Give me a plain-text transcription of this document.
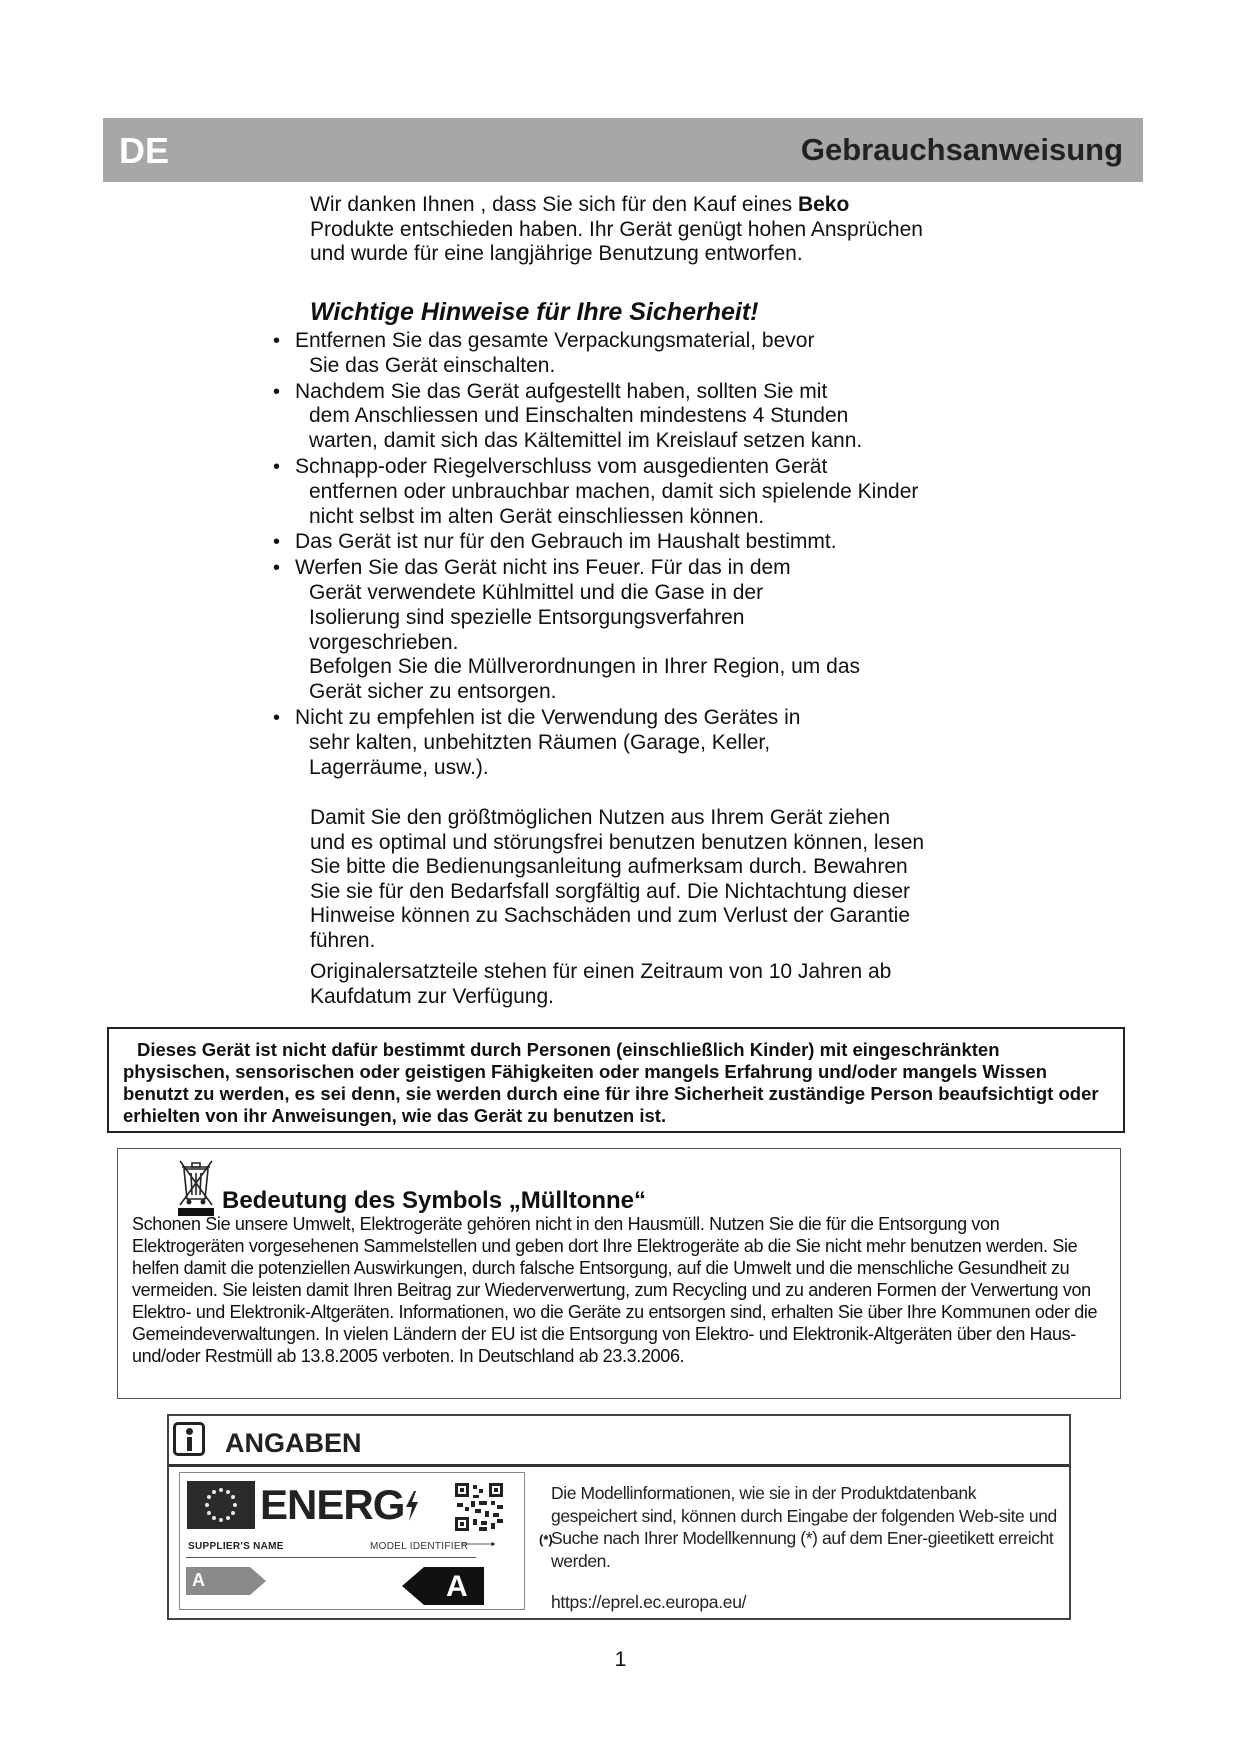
DE	Gebrauchsanweisung

Wir danken Ihnen , dass Sie sich für den Kauf eines Beko Produkte entschieden haben. Ihr Gerät genügt hohen Ansprüchen und wurde für eine langjährige Benutzung entworfen.

Wichtige Hinweise für Ihre Sicherheit!
• Entfernen Sie das gesamte Verpackungsmaterial, bevor
Sie das Gerät einschalten.
• Nachdem Sie das Gerät aufgestellt haben, sollten Sie mit
dem Anschliessen und Einschalten mindestens 4 Stunden warten, damit sich das Kältemittel im Kreislauf setzen kann.
• Schnapp-oder Riegelverschluss vom ausgedienten Gerät
entfernen oder unbrauchbar machen, damit sich spielende Kinder nicht selbst im alten Gerät einschliessen können.
• Das Gerät ist nur für den Gebrauch im Haushalt bestimmt.
• Werfen Sie das Gerät nicht ins Feuer. Für das in dem
Gerät verwendete Kühlmittel und die Gase in der Isolierung sind spezielle Entsorgungsverfahren vorgeschrieben.
Befolgen Sie die Müllverordnungen in Ihrer Region, um das Gerät sicher zu entsorgen.
• Nicht zu empfehlen ist die Verwendung des Gerätes in
sehr kalten, unbehitzten Räumen (Garage, Keller, Lagerräume, usw.).

Damit Sie den größtmöglichen Nutzen aus Ihrem Gerät ziehen und es optimal und störungsfrei benutzen benutzen können, lesen Sie bitte die Bedienungsanleitung aufmerksam durch. Bewahren Sie sie für den Bedarfsfall sorgfältig auf. Die Nichtachtung dieser Hinweise können zu Sachschäden und zum Verlust der Garantie führen.

Originalersatzteile stehen für einen Zeitraum von 10 Jahren ab Kaufdatum zur Verfügung.

Dieses Gerät ist nicht dafür bestimmt durch Personen (einschließlich Kinder) mit eingeschränkten physischen, sensorischen oder geistigen Fähigkeiten oder mangels Erfahrung und/oder mangels Wissen benutzt zu werden, es sei denn, sie werden durch eine für ihre Sicherheit zuständige Person beaufsichtigt oder erhielten von ihr Anweisungen, wie das Gerät zu benutzen ist.

Bedeutung des Symbols „Mülltonne“

Schonen Sie unsere Umwelt, Elektrogeräte gehören nicht in den Hausmüll. Nutzen Sie die für die Entsorgung von Elektrogeräten vorgesehenen Sammelstellen und geben dort Ihre Elektrogeräte ab die Sie nicht mehr benutzen werden. Sie helfen damit die potenziellen Auswirkungen, durch falsche Entsorgung, auf die Umwelt und die menschliche Gesundheit zu vermeiden. Sie leisten damit Ihren Beitrag zur Wiederverwertung, zum Recycling und zu anderen Formen der Verwertung von Elektro- und Elektronik-Altgeräten. Informationen, wo die Geräte zu entsorgen sind, erhalten Sie über Ihre Kommunen oder die Gemeindeverwaltungen. In vielen Ländern der EU ist die Entsorgung von Elektro- und Elektronik-Altgeräten über den Haus- und/oder Restmüll ab 13.8.2005 verboten. In Deutschland ab 23.3.2006.

ANGABEN
ENERG
SUPPLIER'S NAME	MODEL IDENTIFIER
A	A
(*)

Die Modellinformationen, wie sie in der Produktdatenbank gespeichert sind, können durch Eingabe der folgenden Web-site und Suche nach Ihrer Modellkennung (*) auf dem Ener-gieetikett erreicht werden.

https://eprel.ec.europa.eu/
1
